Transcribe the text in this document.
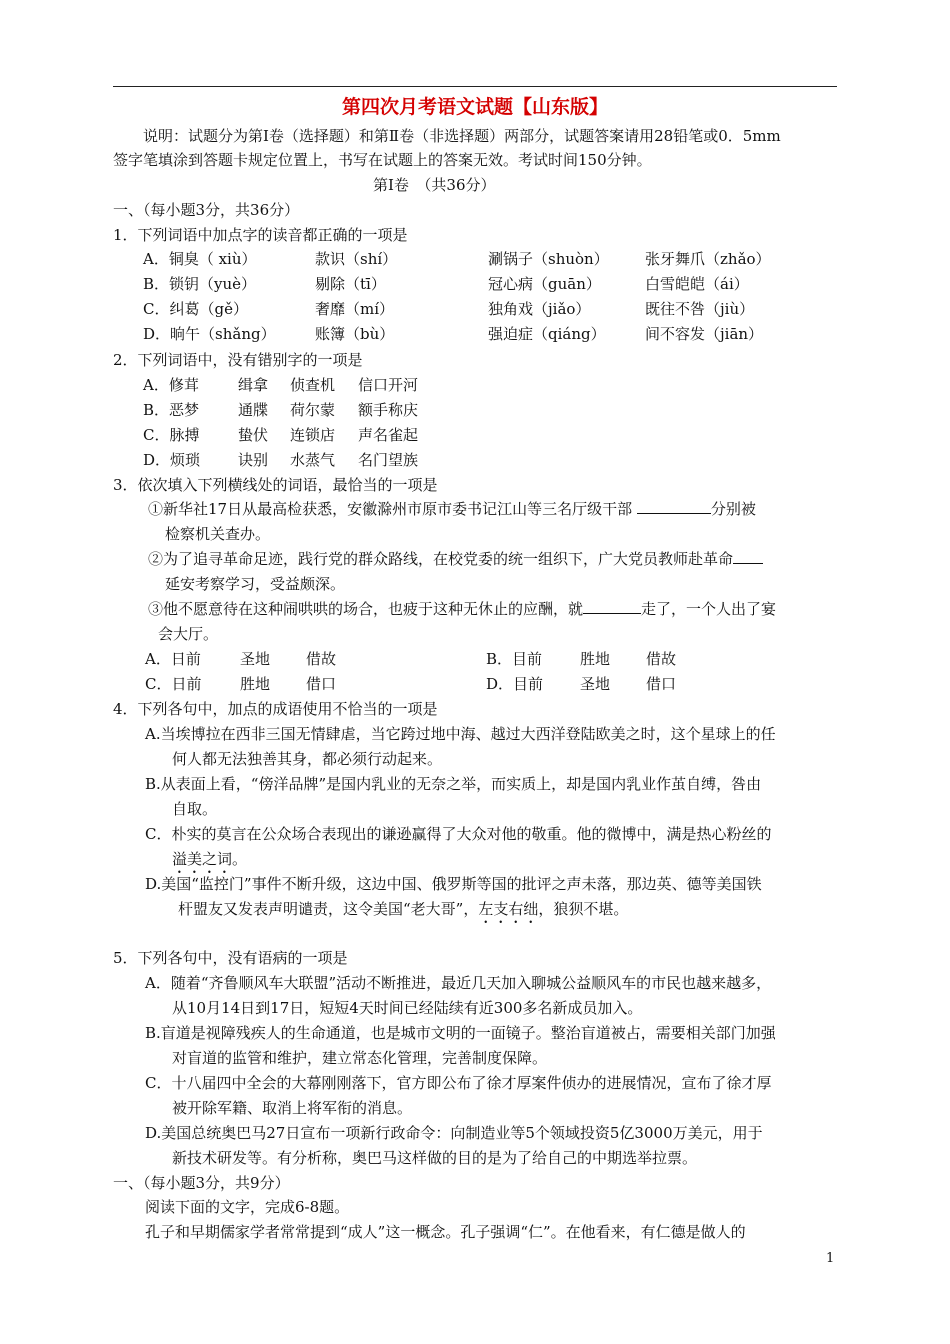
第四次月考语文试题【山东版】
说明：试题分为第Ⅰ卷（选择题）和第Ⅱ卷（非选择题）两部分，试题答案请用28铅笔或0．5mm
签字笔填涂到答题卡规定位置上，书写在试题上的答案无效。考试时间150分钟。
第Ⅰ卷　（共36分）
一、（每小题3分，共36分）
1．下列词语中加点字的读音都正确的一项是
A．铜臭（ xiù）	款识（shí）	涮锅子（shuòn） 张牙舞爪（zhǎo）
B．锁钥（yuè）	剔除（tī）	冠心病（guān）	白雪皑皑（ái）
C．纠葛（gě）	奢靡（mí）	独角戏（jiǎo）	既往不咎（jiù）
D．晌午（shǎng）	账簿（bù）	强迫症（qiáng）	间不容发（jiān）
2．下列词语中，没有错别字的一项是
A．修茸	缉拿 侦查机 信口开河
B．恶梦	通牒 荷尔蒙 额手称庆
C．脉搏	蛰伏 连锁店 声名雀起
D．烦琐	诀别 水蒸气 名门望族
3．依次填入下列横线处的词语，最恰当的一项是
①新华社17日从最高检获悉，安徽滁州市原市委书记江山等三名厅级干部	分别被
检察机关查办。
②为了追寻革命足迹，践行党的群众路线，在校党委的统一组织下，广大党员教师赴革命
延安考察学习，受益颇深。
③他不愿意待在这种闹哄哄的场合，也疲于这种无休止的应酬，就	走了，一个人出了宴
会大厅。
A．日前	圣地 借故	B．目前	胜地 借故
C．日前	胜地 借口	D．目前 圣地 借口
4．下列各句中，加点的成语使用不恰当的一项是
A.当埃博拉在西非三国无情肆虐，当它跨过地中海、越过大西洋登陆欧美之时，这个星球上的任
何人都无法独善其身，都必须行动起来。
B.从表面上看，“傍洋品牌”是国内乳业的无奈之举，而实质上，却是国内乳业作茧自缚，咎由
自取。
C．朴实的莫言在公众场合表现出的谦逊赢得了大众对他的敬重。他的微博中，满是热心粉丝的
溢美之词。
D.美国“监控门”事件不断升级，这边中国、俄罗斯等国的批评之声未落，那边英、德等美国铁
杆盟友又发表声明谴责，这令美国“老大哥”，左支右绌，狼狈不堪。
5．下列各句中，没有语病的一项是
A．随着“齐鲁顺风车大联盟”活动不断推进，最近几天加入聊城公益顺风车的市民也越来越多，
从10月14日到17日，短短4天时间已经陆续有近300多名新成员加入。
B.盲道是视障残疾人的生命通道，也是城市文明的一面镜子。整治盲道被占，需要相关部门加强
对盲道的监管和维护，建立常态化管理，完善制度保障。
C．十八届四中全会的大幕刚刚落下，官方即公布了徐才厚案件侦办的进展情况，宣布了徐才厚
被开除军籍、取消上将军衔的消息。
D.美国总统奥巴马27日宣布一项新行政命令：向制造业等5个领域投资5亿3000万美元，用于
新技术研发等。有分析称，奥巴马这样做的目的是为了给自己的中期选举拉票。
一、（每小题3分，共9分）
阅读下面的文字，完成6-8题。
孔子和早期儒家学者常常提到“成人”这一概念。孔子强调“仁”。在他看来，有仁德是做人的
1
